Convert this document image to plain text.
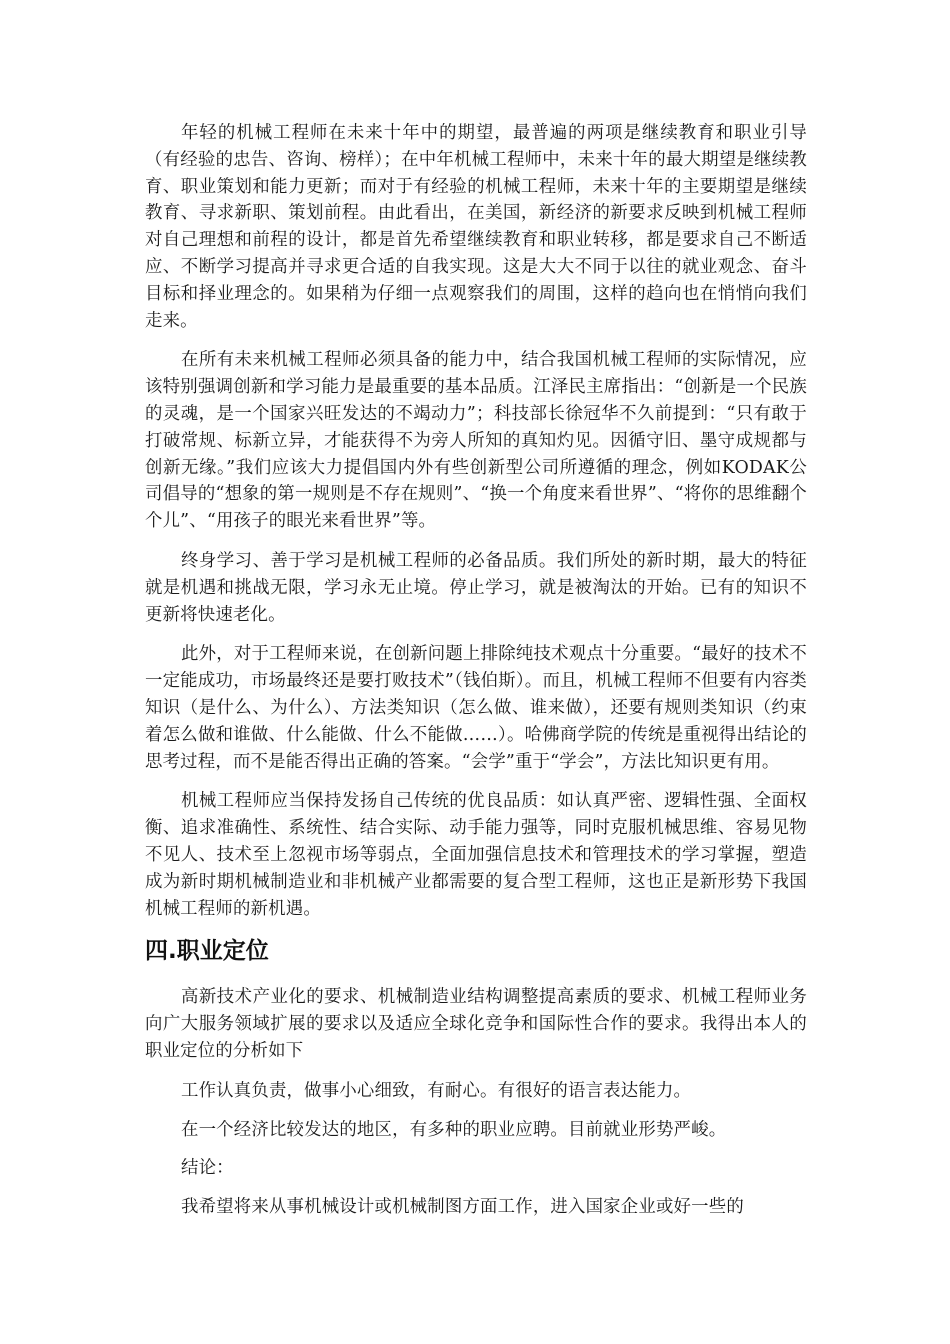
年轻的机械工程师在未来十年中的期望，最普遍的两项是继续教育和职业引导（有经验的忠告、咨询、榜样）；在中年机械工程师中，未来十年的最大期望是继续教育、职业策划和能力更新；而对于有经验的机械工程师，未来十年的主要期望是继续教育、寻求新职、策划前程。由此看出，在美国，新经济的新要求反映到机械工程师对自己理想和前程的设计，都是首先希望继续教育和职业转移，都是要求自己不断适应、不断学习提高并寻求更合适的自我实现。这是大大不同于以往的就业观念、奋斗目标和择业理念的。如果稍为仔细一点观察我们的周围，这样的趋向也在悄悄向我们走来。

在所有未来机械工程师必须具备的能力中，结合我国机械工程师的实际情况，应该特别强调创新和学习能力是最重要的基本品质。江泽民主席指出：“创新是一个民族的灵魂，是一个国家兴旺发达的不竭动力”；科技部长徐冠华不久前提到：“只有敢于打破常规、标新立异，才能获得不为旁人所知的真知灼见。因循守旧、墨守成规都与创新无缘。”我们应该大力提倡国内外有些创新型公司所遵循的理念，例如KODAK公司倡导的“想象的第一规则是不存在规则”、“换一个角度来看世界”、“将你的思维翻个个儿”、“用孩子的眼光来看世界”等。

终身学习、善于学习是机械工程师的必备品质。我们所处的新时期，最大的特征就是机遇和挑战无限，学习永无止境。停止学习，就是被淘汰的开始。已有的知识不更新将快速老化。

此外，对于工程师来说，在创新问题上排除纯技术观点十分重要。“最好的技术不一定能成功，市场最终还是要打败技术”（钱伯斯）。而且，机械工程师不但要有内容类知识（是什么、为什么）、方法类知识（怎么做、谁来做），还要有规则类知识（约束着怎么做和谁做、什么能做、什么不能做……）。哈佛商学院的传统是重视得出结论的思考过程，而不是能否得出正确的答案。“会学”重于“学会”，方法比知识更有用。

机械工程师应当保持发扬自己传统的优良品质：如认真严密、逻辑性强、全面权衡、追求准确性、系统性、结合实际、动手能力强等，同时克服机械思维、容易见物不见人、技术至上忽视市场等弱点，全面加强信息技术和管理技术的学习掌握，塑造成为新时期机械制造业和非机械产业都需要的复合型工程师，这也正是新形势下我国机械工程师的新机遇。

四.职业定位

高新技术产业化的要求、机械制造业结构调整提高素质的要求、机械工程师业务向广大服务领域扩展的要求以及适应全球化竞争和国际性合作的要求。我得出本人的职业定位的分析如下

工作认真负责，做事小心细致，有耐心。有很好的语言表达能力。

在一个经济比较发达的地区，有多种的职业应聘。目前就业形势严峻。

结论：

我希望将来从事机械设计或机械制图方面工作，进入国家企业或好一些的
